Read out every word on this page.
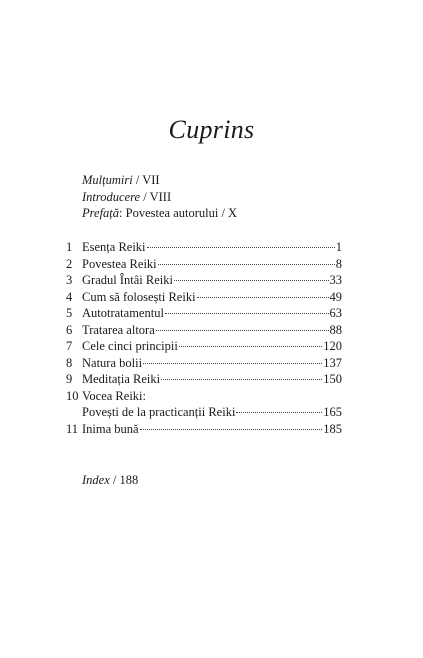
Cuprins
Mulțumiri / VII
Introducere / VIII
Prefață: Povestea autorului / X
1 Esența Reiki	1
2 Povestea Reiki	8
3 Gradul Întâi Reiki	33
4 Cum să folosești Reiki	49
5 Autotratamentul	63
6 Tratarea altora	88
7 Cele cinci principii	120
8 Natura bolii	137
9 Meditația Reiki	150
10 Vocea Reiki:
Povești de la practicanții Reiki	165
11 Inima bună	185
Index / 188
